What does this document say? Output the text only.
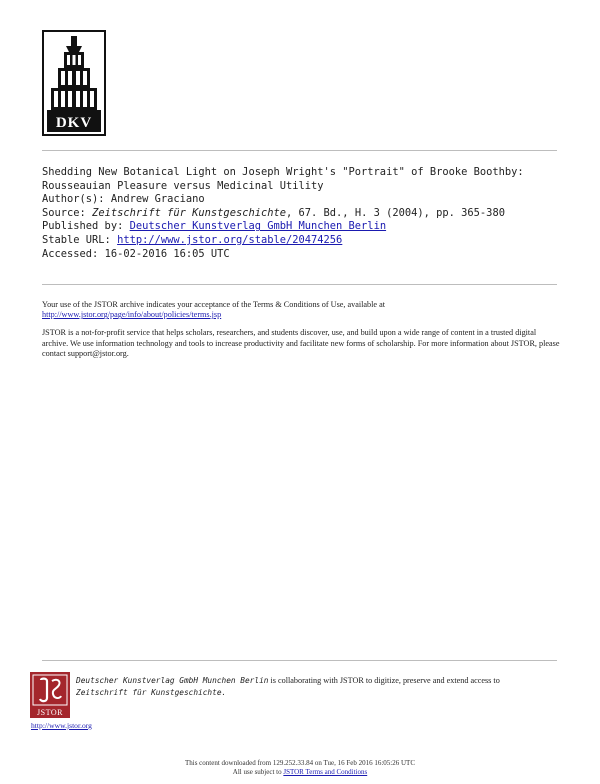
DKV
Shedding New Botanical Light on Joseph Wright's "Portrait" of Brooke Boothby: Rousseauian Pleasure versus Medicinal Utility
Author(s): Andrew Graciano
Source: Zeitschrift für Kunstgeschichte, 67. Bd., H. 3 (2004), pp. 365-380
Published by: Deutscher Kunstverlag GmbH Munchen Berlin
Stable URL: http://www.jstor.org/stable/20474256
Accessed: 16-02-2016 16:05 UTC

Your use of the JSTOR archive indicates your acceptance of the Terms & Conditions of Use, available at http://www.jstor.org/page/info/about/policies/terms.jsp

JSTOR is a not-for-profit service that helps scholars, researchers, and students discover, use, and build upon a wide range of content in a trusted digital archive. We use information technology and tools to increase productivity and facilitate new forms of scholarship. For more information about JSTOR, please contact support@jstor.org.

JSTOR
http://www.jstor.org
Deutscher Kunstverlag GmbH Munchen Berlin is collaborating with JSTOR to digitize, preserve and extend access to
Zeitschrift für Kunstgeschichte.
This content downloaded from 129.252.33.84 on Tue, 16 Feb 2016 16:05:26 UTC
All use subject to JSTOR Terms and Conditions
